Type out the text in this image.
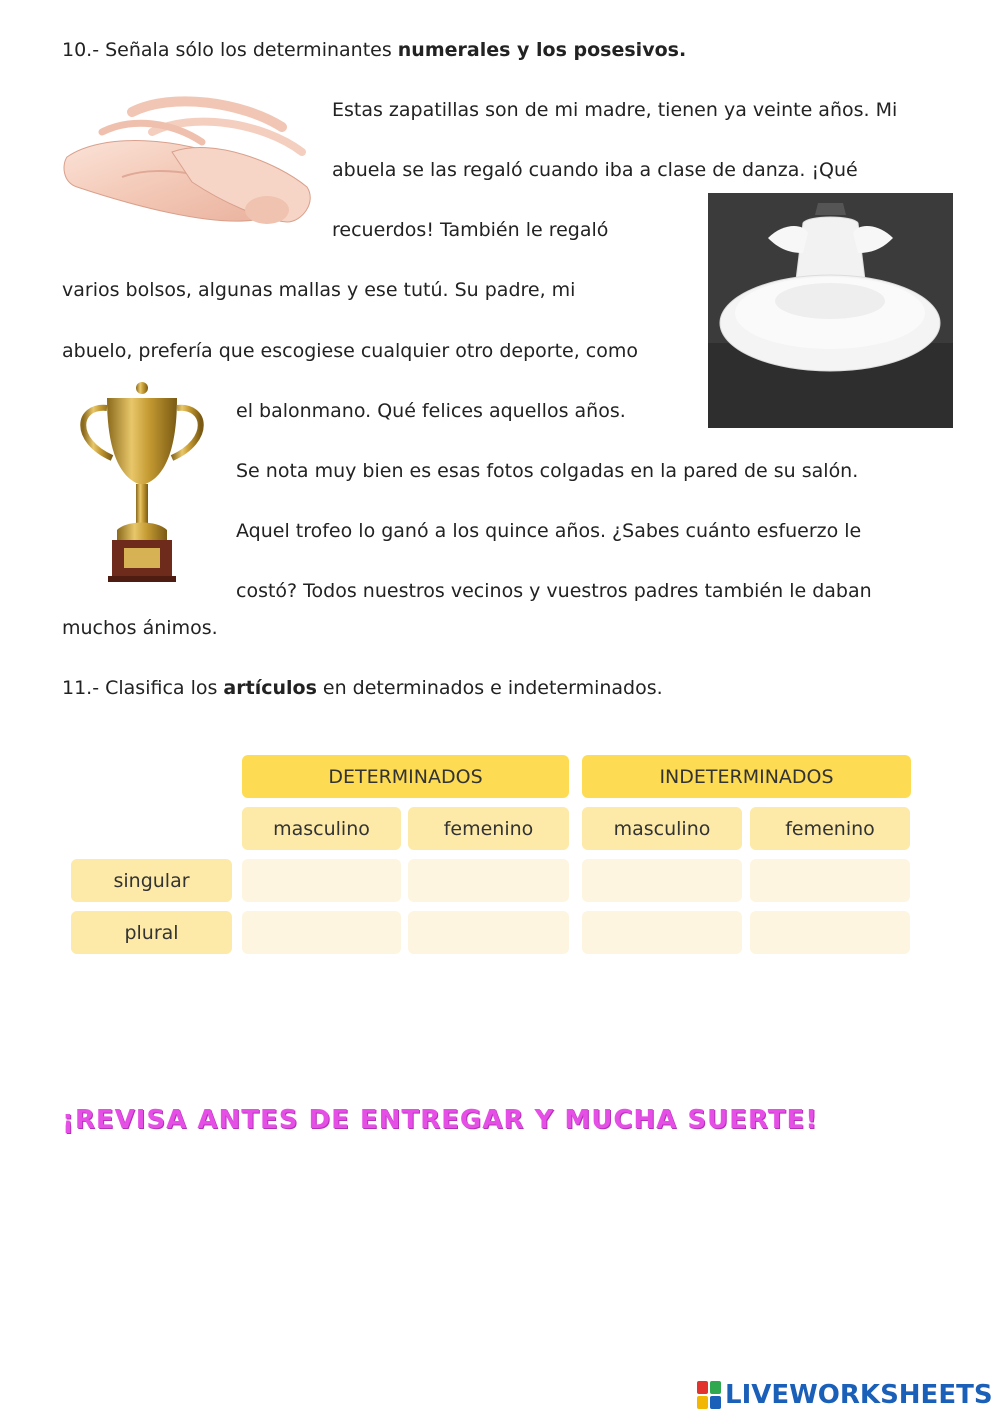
10.- Señala sólo los determinantes numerales y los posesivos.
Estas zapatillas son de mi madre, tienen ya veinte años. Mi
abuela se las regaló cuando iba a clase de danza. ¡Qué
recuerdos! También le regaló
varios bolsos, algunas mallas y ese tutú. Su padre, mi
abuelo, prefería que escogiese cualquier otro deporte, como
el balonmano. Qué felices aquellos años.
Se nota muy bien es esas fotos colgadas en la pared de su salón.
Aquel trofeo lo ganó a los quince años. ¿Sabes cuánto esfuerzo le
costó? Todos nuestros vecinos y vuestros padres también le daban
muchos ánimos.
11.- Clasifica los artículos en determinados e indeterminados.
DETERMINADOS	INDETERMINADOS
masculino	femenino	masculino	femenino
singular
plural
¡REVISA ANTES DE ENTREGAR Y MUCHA SUERTE!
LIVEWORKSHEETS
